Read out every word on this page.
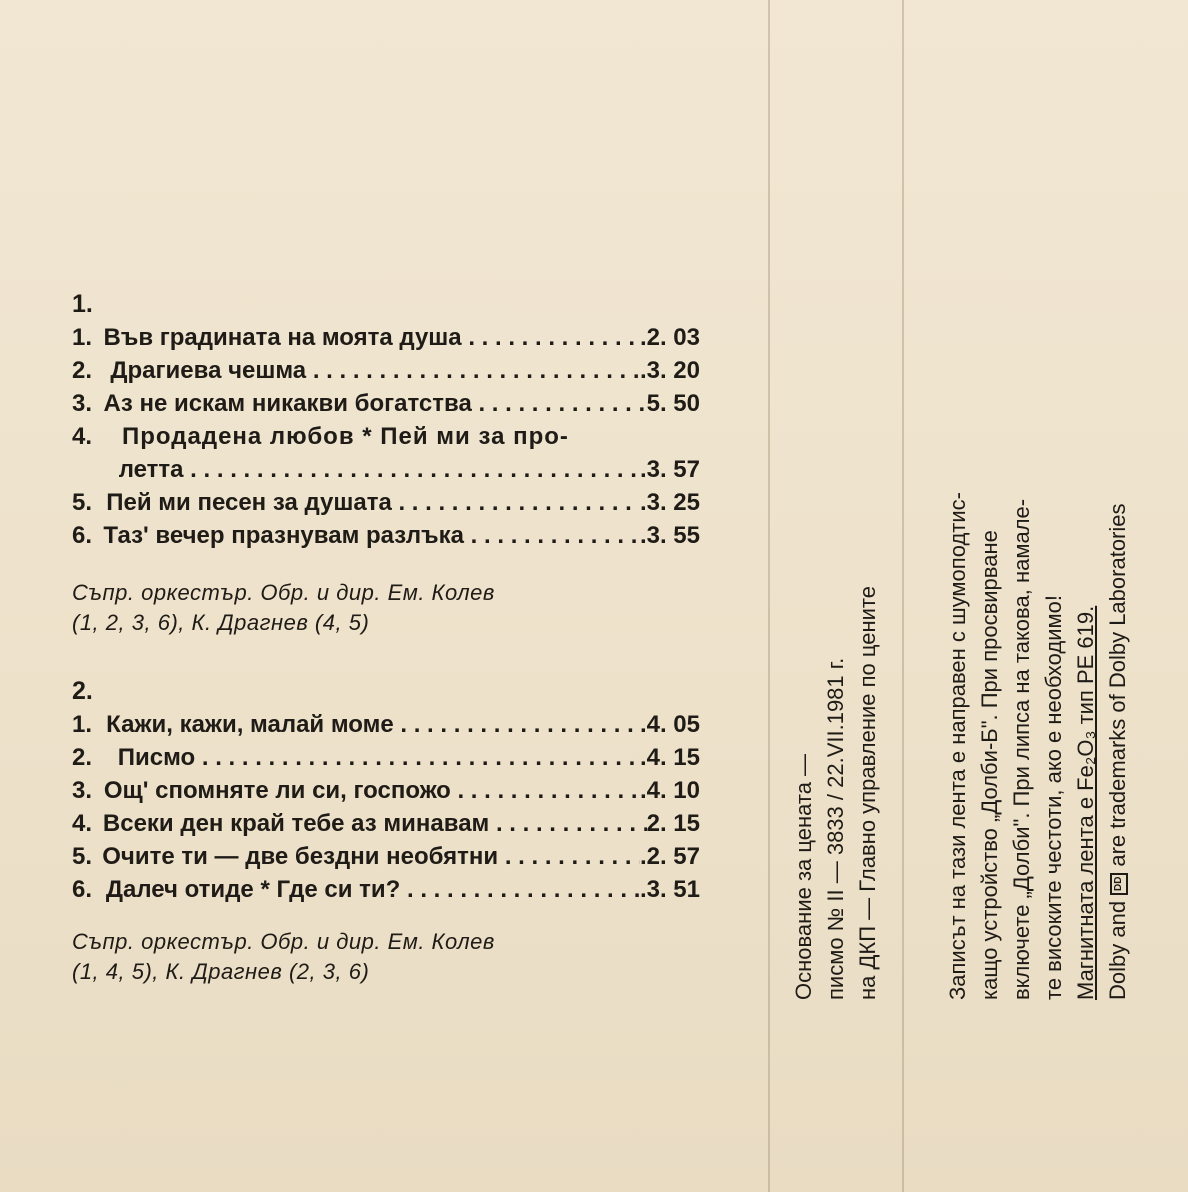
1.
1. Във градината на моята душа . . .	.2. 03
2. Драгиева чешма . . .	.3. 20
3. Аз не искам никакви богатства . . .	5. 50
4.	Продадена любов * Пей ми за про-
летта . . .	.3. 57
5. Пей ми песен за душата . . .	.3. 25
6. Таз' вечер празнувам разлъка . . .	.3. 55
Съпр. оркестър. Обр. и дир. Ем. Колев
(1, 2, 3, 6), К. Драгнев (4, 5)
2.
1. Кажи, кажи, малай моме . . .	.4. 05
2.	Писмо . . .	.4. 15
3. Ощ' спомняте ли си, госпожо . . .	.4. 10
4. Всеки ден край тебе аз минавам . . .	2. 15
5. Очите ти — две бездни необятни . . .	.2. 57
6. Далеч отиде * Где си ти? . . .	.3. 51
Съпр. оркестър. Обр. и дир. Ем. Колев
(1, 4, 5), К. Драгнев (2, 3, 6)	Основание за цената — писмо № II — 3833 / 22.VII.1981 г. на ДКП — Главно управление по цените	Записът на тази лента е направен с шумоподтис- кащо устройство „Долби-Б". При просвирване включете „Долби". При липса на такова, намале- те високите честоти, ако е необходимо! Магнитната лента е Fe₂O₃ тип PE 619. Dolby and DD are trademarks of Dolby Laboratories
